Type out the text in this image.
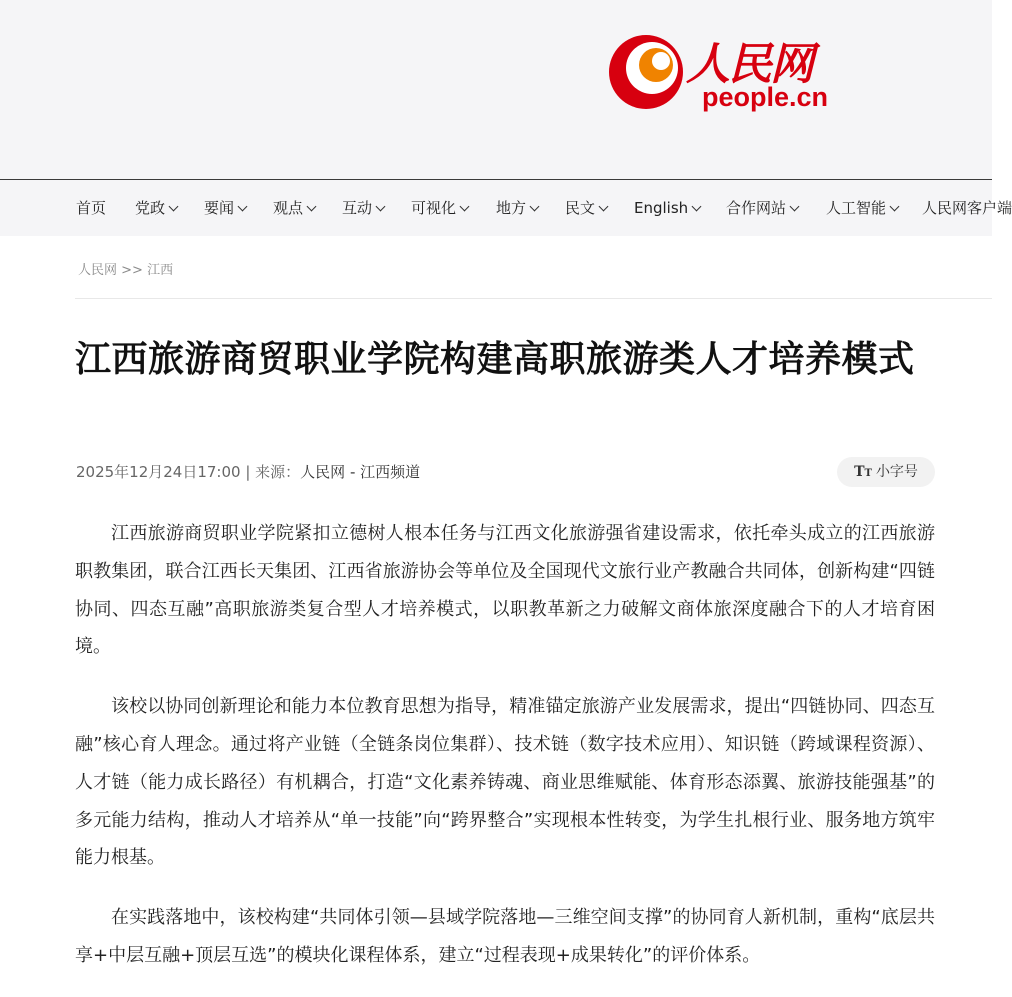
人民网
people.cn
首页 党政	要闻	观点	互动	可视化	地方	民文	English	合作网站	人工智能	人民网客户端
人民网 >> 江西
江西旅游商贸职业学院构建高职旅游类人才培养模式
2025年12月24日17:00 | 来源：人民网 - 江西频道	TT 小字号

江西旅游商贸职业学院紧扣立德树人根本任务与江西文化旅游强省建设需求，依托牵头成立的江西旅游职教集团，联合江西长天集团、江西省旅游协会等单位及全国现代文旅行业产教融合共同体，创新构建“四链协同、四态互融”高职旅游类复合型人才培养模式，以职教革新之力破解文商体旅深度融合下的人才培育困境。

该校以协同创新理论和能力本位教育思想为指导，精准锚定旅游产业发展需求，提出“四链协同、四态互融”核心育人理念。通过将产业链（全链条岗位集群）、技术链（数字技术应用）、知识链（跨域课程资源）、人才链（能力成长路径）有机耦合，打造“文化素养铸魂、商业思维赋能、体育形态添翼、旅游技能强基”的多元能力结构，推动人才培养从“单一技能”向“跨界整合”实现根本性转变，为学生扎根行业、服务地方筑牢能力根基。

在实践落地中，该校构建“共同体引领—县域学院落地—三维空间支撑”的协同育人新机制，重构“底层共享+中层互融+顶层互选”的模块化课程体系，建立“过程表现+成果转化”的评价体系。
